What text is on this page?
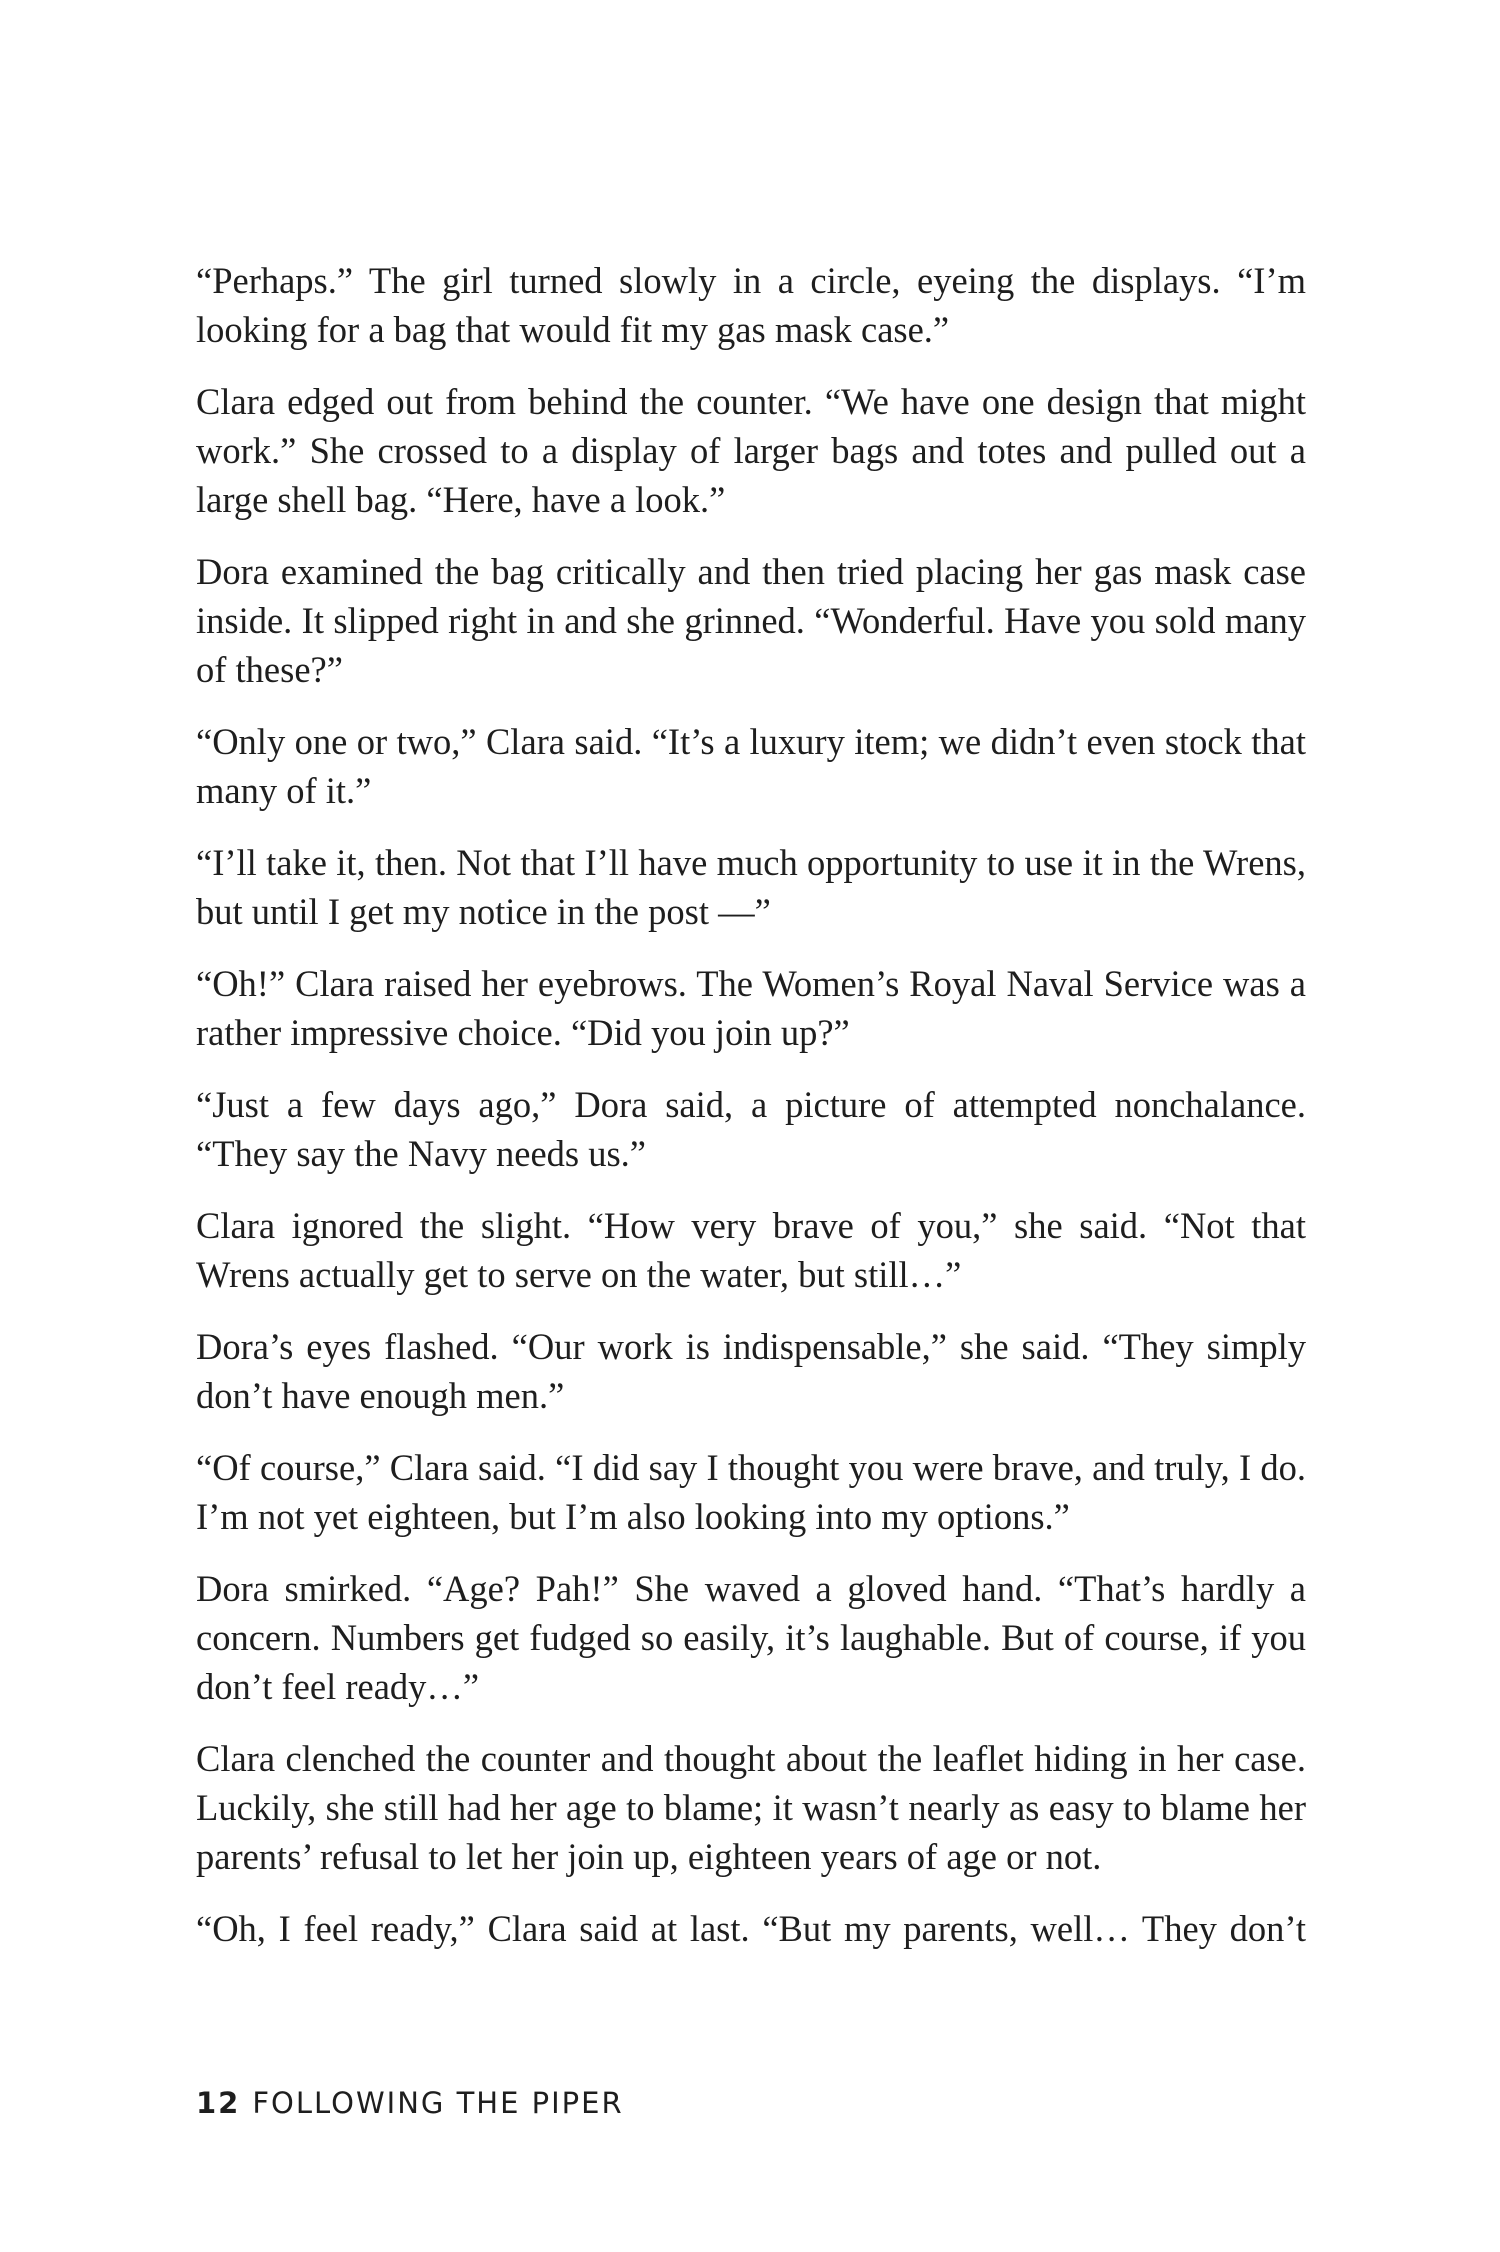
“Perhaps.” The girl turned slowly in a circle, eyeing the displays. “I’m looking for a bag that would fit my gas mask case.”

Clara edged out from behind the counter. “We have one design that might work.” She crossed to a display of larger bags and totes and pulled out a large shell bag. “Here, have a look.”

Dora examined the bag critically and then tried placing her gas mask case inside. It slipped right in and she grinned. “Wonderful. Have you sold many of these?”

“Only one or two,” Clara said. “It’s a luxury item; we didn’t even stock that many of it.”

“I’ll take it, then. Not that I’ll have much opportunity to use it in the Wrens, but until I get my notice in the post —”

“Oh!” Clara raised her eyebrows. The Women’s Royal Naval Service was a rather impressive choice. “Did you join up?”

“Just a few days ago,” Dora said, a picture of attempted nonchalance. “They say the Navy needs us.”

Clara ignored the slight. “How very brave of you,” she said. “Not that Wrens actually get to serve on the water, but still…”

Dora’s eyes flashed. “Our work is indispensable,” she said. “They simply don’t have enough men.”

“Of course,” Clara said. “I did say I thought you were brave, and truly, I do. I’m not yet eighteen, but I’m also looking into my options.”

Dora smirked. “Age? Pah!” She waved a gloved hand. “That’s hardly a concern. Numbers get fudged so easily, it’s laughable. But of course, if you don’t feel ready…”

Clara clenched the counter and thought about the leaflet hiding in her case. Luckily, she still had her age to blame; it wasn’t nearly as easy to blame her parents’ refusal to let her join up, eighteen years of age or not.

“Oh, I feel ready,” Clara said at last. “But my parents, well… They don’t

12 FOLLOWING THE PIPER
